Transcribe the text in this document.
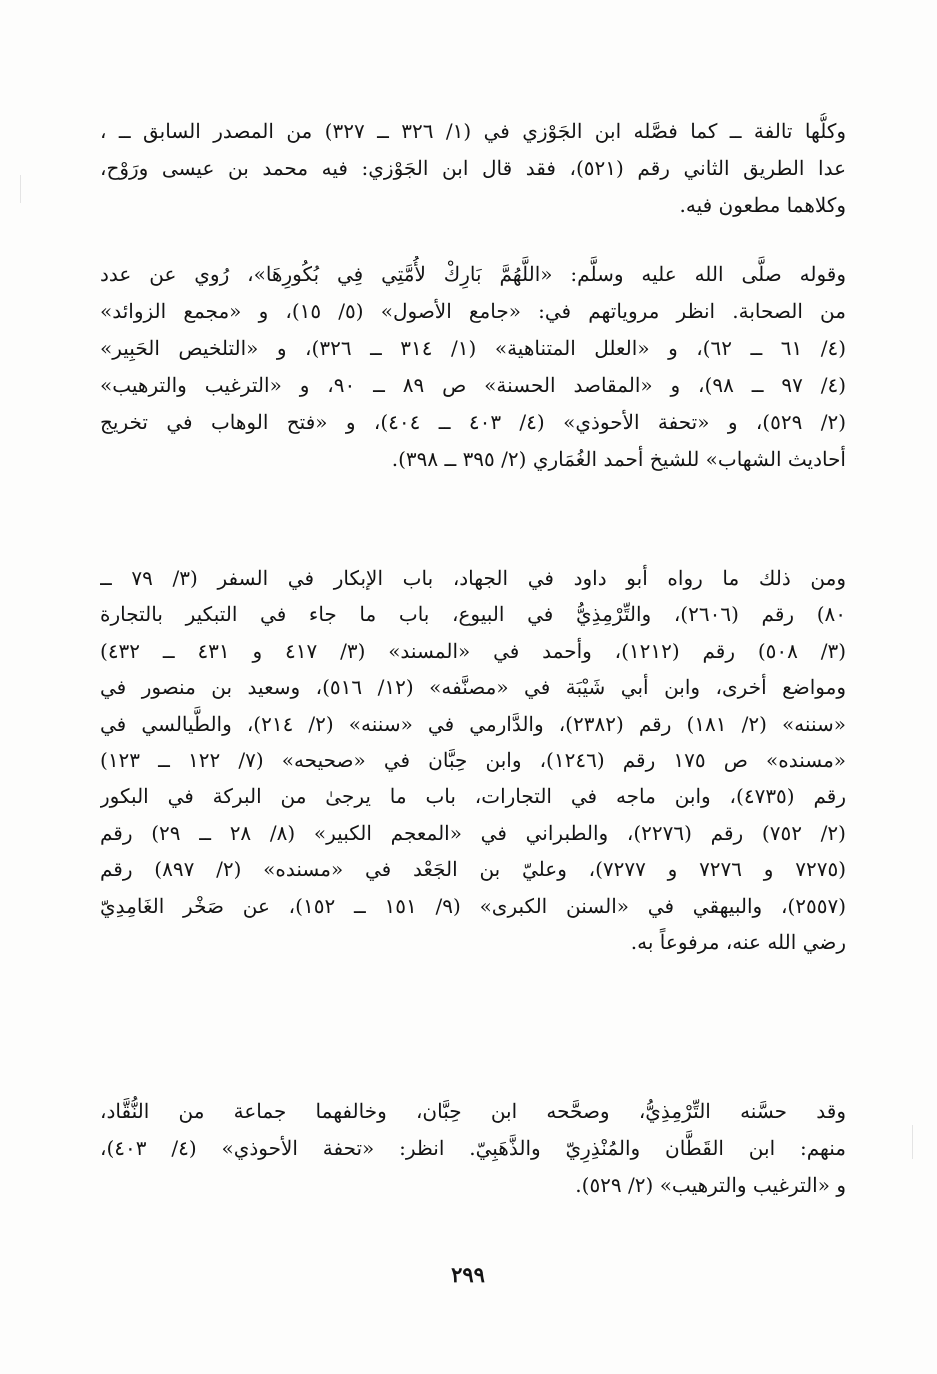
وكلُّها تالفة ــ كما فصَّله ابن الجَوْزي في (١/ ٣٢٦ ــ ٣٢٧) من المصدر السابق ــ ،
عدا الطريق الثاني رقم (٥٢١)، فقد قال ابن الجَوْزي: فيه محمد بن عيسى ورَوْح،
وكلاهما مطعون فيه.
وقوله صلَّى الله عليه وسلَّم: «اللَّهُمَّ بَارِكْ لأُمَّتِي فِي بُكُورِهَا»، رُوي عن عدد
من الصحابة. انظر مروياتهم في: «جامع الأصول» (٥/ ١٥)، و «مجمع الزوائد»
(٤/ ٦١ ــ ٦٢)، و «العلل المتناهية» (١/ ٣١٤ ــ ٣٢٦)، و «التلخيص الحَبِير»
(٤/ ٩٧ ــ ٩٨)، و «المقاصد الحسنة» ص ٨٩ ــ ٩٠، و «الترغيب والترهيب»
(٢/ ٥٢٩)، و «تحفة الأحوذي» (٤/ ٤٠٣ ــ ٤٠٤)، و «فتح الوهاب في تخريج
أحاديث الشهاب» للشيخ أحمد الغُمَاري (٢/ ٣٩٥ ــ ٣٩٨).
ومن ذلك ما رواه أبو داود في الجهاد، باب الإبكار في السفر (٣/ ٧٩ ــ
٨٠) رقم (٢٦٠٦)، والتِّرْمِذِيُّ في البيوع، باب ما جاء في التبكير بالتجارة
(٣/ ٥٠٨) رقم (١٢١٢)، وأحمد في «المسند» (٣/ ٤١٧ و ٤٣١ ــ ٤٣٢)
ومواضع أخرى، وابن أبي شَيْبَة في «مصنَّفه» (١٢/ ٥١٦)، وسعيد بن منصور في
«سننه» (٢/ ١٨١) رقم (٢٣٨٢)، والدَّارمي في «سننه» (٢/ ٢١٤)، والطَّيالسي في
«مسنده» ص ١٧٥ رقم (١٢٤٦)، وابن حِبَّان في «صحيحه» (٧/ ١٢٢ ــ ١٢٣)
رقم (٤٧٣٥)، وابن ماجه في التجارات، باب ما يرجىٰ من البركة في البكور
(٢/ ٧٥٢) رقم (٢٢٧٦)، والطبراني في «المعجم الكبير» (٨/ ٢٨ ــ ٢٩) رقم
(٧٢٧٥ و ٧٢٧٦ و ٧٢٧٧)، وعليّ بن الجَعْد في «مسنده» (٢/ ٨٩٧) رقم
(٢٥٥٧)، والبيهقي في «السنن الكبرى» (٩/ ١٥١ ــ ١٥٢)، عن صَخْر الغَامِدِيّ
رضي الله عنه، مرفوعاً به.
وقد حسَّنه التِّرْمِذِيُّ، وصحَّحه ابن حِبَّان، وخالفهما جماعة من النُّقَّاد،
منهم: ابن القَطَّان والمُنْذِرِيّ والذَّهَبِيّ. انظر: «تحفة الأحوذي» (٤/ ٤٠٣)،
و «الترغيب والترهيب» (٢/ ٥٢٩).
٢٩٩
